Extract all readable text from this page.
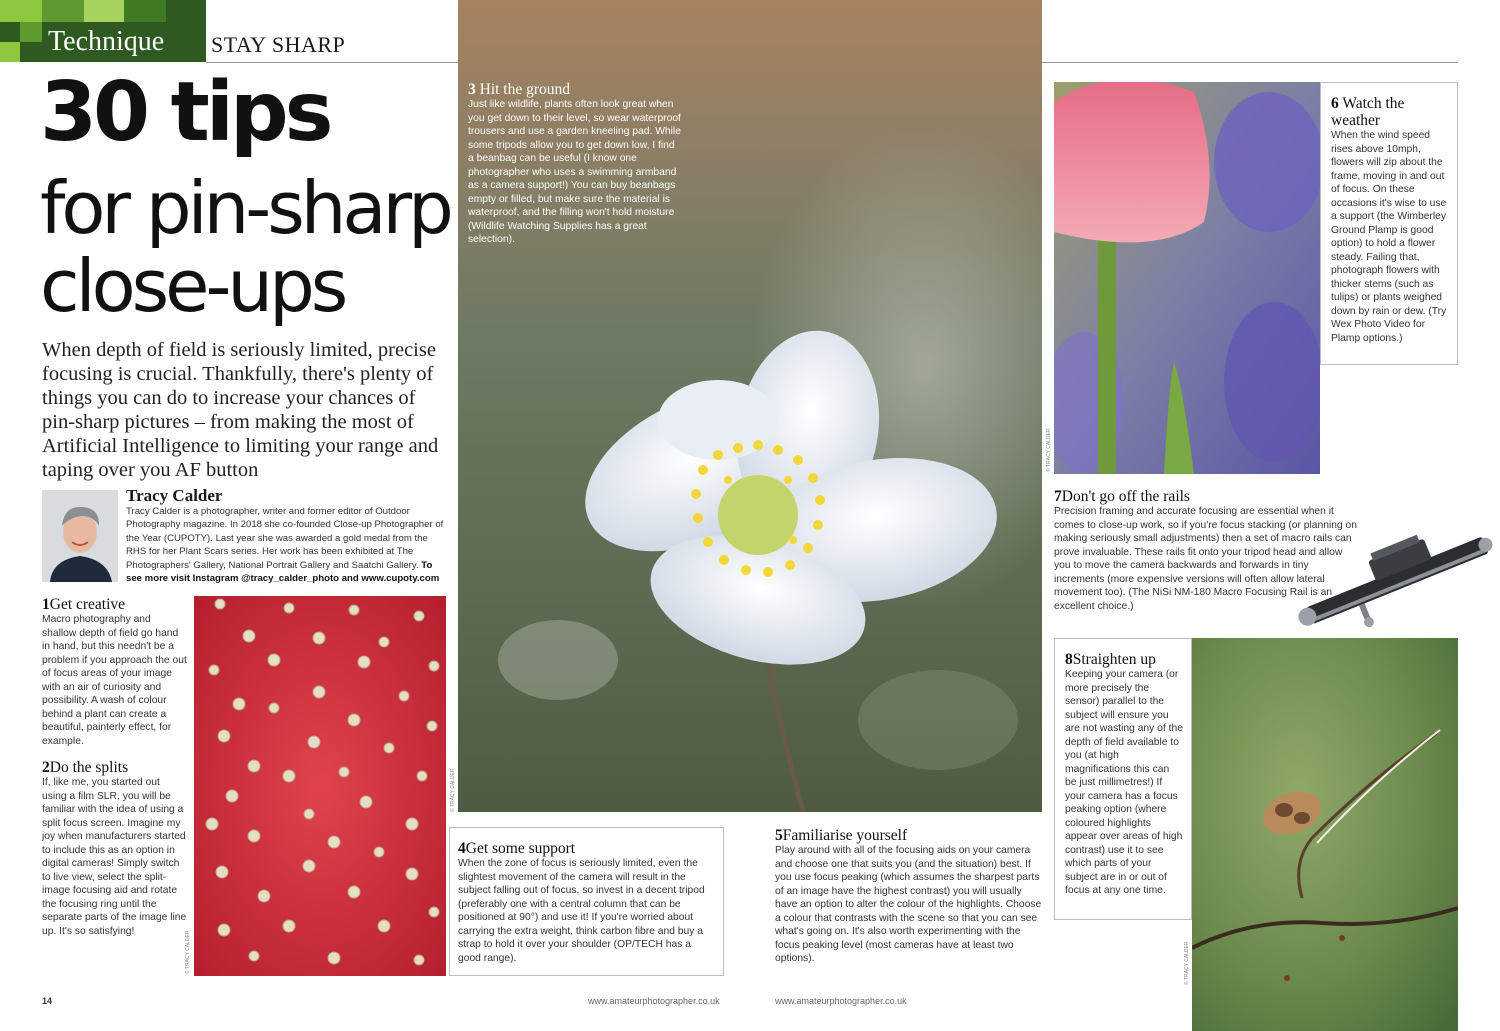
Technique	STAY SHARP
30 tips
for pin-sharp
close-ups
When depth of field is seriously limited, precise focusing is crucial. Thankfully, there's plenty of things you can do to increase your chances of pin-sharp pictures – from making the most of Artificial Intelligence to limiting your range and taping over you AF button
Tracy Calder
Tracy Calder is a photographer, writer and former editor of Outdoor Photography magazine. In 2018 she co-founded Close-up Photographer of the Year (CUPOTY). Last year she was awarded a gold medal from the RHS for her Plant Scars series. Her work has been exhibited at The Photographers' Gallery, National Portrait Gallery and Saatchi Gallery. To see more visit Instagram @tracy_calder_photo and www.cupoty.com
1Get creative
Macro photography and shallow depth of field go hand in hand, but this needn't be a problem if you approach the out of focus areas of your image with an air of curiosity and possibility. A wash of colour behind a plant can create a beautiful, painterly effect, for example.
2Do the splits
If, like me, you started out using a film SLR, you will be familiar with the idea of using a split focus screen. Imagine my joy when manufacturers started to include this as an option in digital cameras! Simply switch to live view, select the split-image focusing aid and rotate the focusing ring until the separate parts of the image line up. It's so satisfying!	© TRACY CALDER
© TRACY CALDER
3 Hit the ground
Just like wildlife, plants often look great when you get down to their level, so wear waterproof trousers and use a garden kneeling pad. While some tripods allow you to get down low, I find a beanbag can be useful (I know one photographer who uses a swimming armband as a camera support!) You can buy beanbags empty or filled, but make sure the material is waterproof, and the filling won't hold moisture (Wildlife Watching Supplies has a great selection).
4Get some support
When the zone of focus is seriously limited, even the slightest movement of the camera will result in the subject falling out of focus, so invest in a decent tripod (preferably one with a central column that can be positioned at 90°) and use it! If you're worried about carrying the extra weight, think carbon fibre and buy a strap to hold it over your shoulder (OP/TECH has a good range).
5Familiarise yourself
Play around with all of the focusing aids on your camera and choose one that suits you (and the situation) best. If you use focus peaking (which assumes the sharpest parts of an image have the highest contrast) you will usually have an option to alter the colour of the highlights. Choose a colour that contrasts with the scene so that you can see what's going on. It's also worth experimenting with the focus peaking level (most cameras have at least two options).
© TRACY CALDER
6 Watch the weather
When the wind speed rises above 10mph, flowers will zip about the frame, moving in and out of focus. On these occasions it's wise to use a support (the Wimberley Ground Plamp is good option) to hold a flower steady. Failing that, photograph flowers with thicker stems (such as tulips) or plants weighed down by rain or dew. (Try Wex Photo Video for Plamp options.)
7Don't go off the rails
Precision framing and accurate focusing are essential when it comes to close-up work, so if you're focus stacking (or planning on making seriously small adjustments) then a set of macro rails can prove invaluable. These rails fit onto your tripod head and allow you to move the camera backwards and forwards in tiny increments (more expensive versions will often allow lateral movement too). (The NiSi NM-180 Macro Focusing Rail is an excellent choice.)
8Straighten up
Keeping your camera (or more precisely the sensor) parallel to the subject will ensure you are not wasting any of the depth of field available to you (at high magnifications this can be just millimetres!) If your camera has a focus peaking option (where coloured highlights appear over areas of high contrast) use it to see which parts of your subject are in or out of focus at any one time.
© TRACY CALDER
14	www.amateurphotographer.co.uk	www.amateurphotographer.co.uk
